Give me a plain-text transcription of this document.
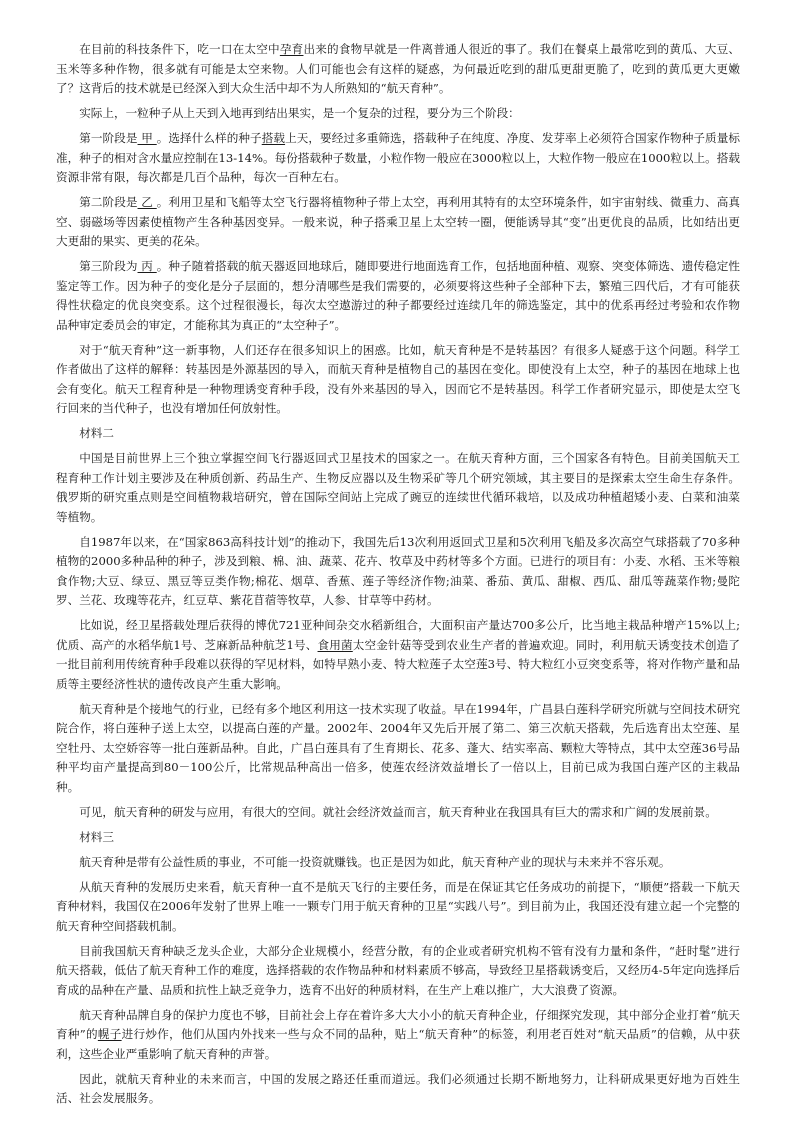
在目前的科技条件下，吃一口在太空中孕育出来的食物早就是一件离普通人很近的事了。我们在餐桌上最常吃到的黄瓜、大豆、玉米等多种作物，很多就有可能是太空来物。人们可能也会有这样的疑惑，为何最近吃到的甜瓜更甜更脆了，吃到的黄瓜更大更嫩了？这背后的技术就是已经深入到大众生活中却不为人所熟知的“航天育种”。

实际上，一粒种子从上天到入地再到结出果实，是一个复杂的过程，要分为三个阶段：

第一阶段是 甲 。选择什么样的种子搭载上天，要经过多重筛选，搭载种子在纯度、净度、发芽率上必须符合国家作物种子质量标准，种子的相对含水量应控制在13-14%。每份搭载种子数量，小粒作物一般应在3000粒以上，大粒作物一般应在1000粒以上。搭载资源非常有限，每次都是几百个品种，每次一百种左右。

第二阶段是 乙 。利用卫星和飞船等太空飞行器将植物种子带上太空，再利用其特有的太空环境条件，如宇宙射线、微重力、高真空、弱磁场等因素使植物产生各种基因变异。一般来说，种子搭乘卫星上太空转一圈，便能诱导其“变”出更优良的品质，比如结出更大更甜的果实、更美的花朵。

第三阶段为 丙 。种子随着搭载的航天器返回地球后，随即要进行地面选育工作，包括地面种植、观察、突变体筛选、遗传稳定性鉴定等工作。因为种子的变化是分子层面的，想分清哪些是我们需要的，必须要将这些种子全部种下去，繁殖三四代后，才有可能获得性状稳定的优良突变系。这个过程很漫长，每次太空遨游过的种子都要经过连续几年的筛选鉴定，其中的优系再经过考验和农作物品种审定委员会的审定，才能称其为真正的“太空种子”。

对于“航天育种”这一新事物，人们还存在很多知识上的困惑。比如，航天育种是不是转基因？有很多人疑惑于这个问题。科学工作者做出了这样的解释：转基因是外源基因的导入，而航天育种是植物自己的基因在变化。即使没有上太空，种子的基因在地球上也会有变化。航天工程育种是一种物理诱变育种手段，没有外来基因的导入，因而它不是转基因。科学工作者研究显示，即使是太空飞行回来的当代种子，也没有增加任何放射性。

材料二

中国是目前世界上三个独立掌握空间飞行器返回式卫星技术的国家之一。在航天育种方面，三个国家各有特色。目前美国航天工程育种工作计划主要涉及在种质创新、药品生产、生物反应器以及生物采矿等几个研究领域，其主要目的是探索太空生命生存条件。俄罗斯的研究重点则是空间植物栽培研究，曾在国际空间站上完成了豌豆的连续世代循环栽培，以及成功种植超矮小麦、白菜和油菜等植物。

自1987年以来，在“国家863高科技计划”的推动下，我国先后13次利用返回式卫星和5次利用飞船及多次高空气球搭载了70多种植物的2000多种品种的种子，涉及到粮、棉、油、蔬菜、花卉、牧草及中药材等多个方面。已进行的项目有：小麦、水稻、玉米等粮食作物;大豆、绿豆、黑豆等豆类作物;棉花、烟草、香蕉、莲子等经济作物;油菜、番茄、黄瓜、甜椒、西瓜、甜瓜等蔬菜作物;曼陀罗、兰花、玫瑰等花卉，红豆草、紫花苜蓿等牧草，人参、甘草等中药材。

比如说，经卫星搭载处理后获得的博优721亚种间杂交水稻新组合，大面积亩产量达700多公斤，比当地主栽品种增产15%以上;优质、高产的水稻华航1号、芝麻新品种航芝1号、食用菌太空金针菇等受到农业生产者的普遍欢迎。同时，利用航天诱变技术创造了一批目前利用传统育种手段难以获得的罕见材料，如特早熟小麦、特大粒莲子太空莲3号、特大粒红小豆突变系等，将对作物产量和品质等主要经济性状的遗传改良产生重大影响。

航天育种是个接地气的行业，已经有多个地区利用这一技术实现了收益。早在1994年，广昌县白莲科学研究所就与空间技术研究院合作，将白莲种子送上太空，以提高白莲的产量。2002年、2004年又先后开展了第二、第三次航天搭载，先后选育出太空莲、星空牡丹、太空娇容等一批白莲新品种。自此，广昌白莲具有了生育期长、花多、蓬大、结实率高、颗粒大等特点，其中太空莲36号品种平均亩产量提高到80－100公斤，比常规品种高出一倍多，使莲农经济效益增长了一倍以上，目前已成为我国白莲产区的主栽品种。

可见，航天育种的研发与应用，有很大的空间。就社会经济效益而言，航天育种业在我国具有巨大的需求和广阔的发展前景。

材料三

航天育种是带有公益性质的事业，不可能一投资就赚钱。也正是因为如此，航天育种产业的现状与未来并不容乐观。

从航天育种的发展历史来看，航天育种一直不是航天飞行的主要任务，而是在保证其它任务成功的前提下，“顺便”搭载一下航天育种材料，我国仅在2006年发射了世界上唯一一颗专门用于航天育种的卫星“实践八号”。到目前为止，我国还没有建立起一个完整的航天育种空间搭载机制。

目前我国航天育种缺乏龙头企业，大部分企业规模小，经营分散，有的企业或者研究机构不管有没有力量和条件，“赶时髦”进行航天搭载，低估了航天育种工作的难度，选择搭载的农作物品种和材料素质不够高，导致经卫星搭载诱变后，又经历4-5年定向选择后育成的品种在产量、品质和抗性上缺乏竞争力，选育不出好的种质材料，在生产上难以推广，大大浪费了资源。

航天育种品牌自身的保护力度也不够，目前社会上存在着许多大大小小的航天育种企业，仔细探究发现，其中部分企业打着“航天育种”的幌子进行炒作，他们从国内外找来一些与众不同的品种，贴上“航天育种”的标签，利用老百姓对“航天品质”的信赖，从中获利，这些企业严重影响了航天育种的声誉。

因此，就航天育种业的未来而言，中国的发展之路还任重而道远。我们必须通过长期不断地努力，让科研成果更好地为百姓生活、社会发展服务。
